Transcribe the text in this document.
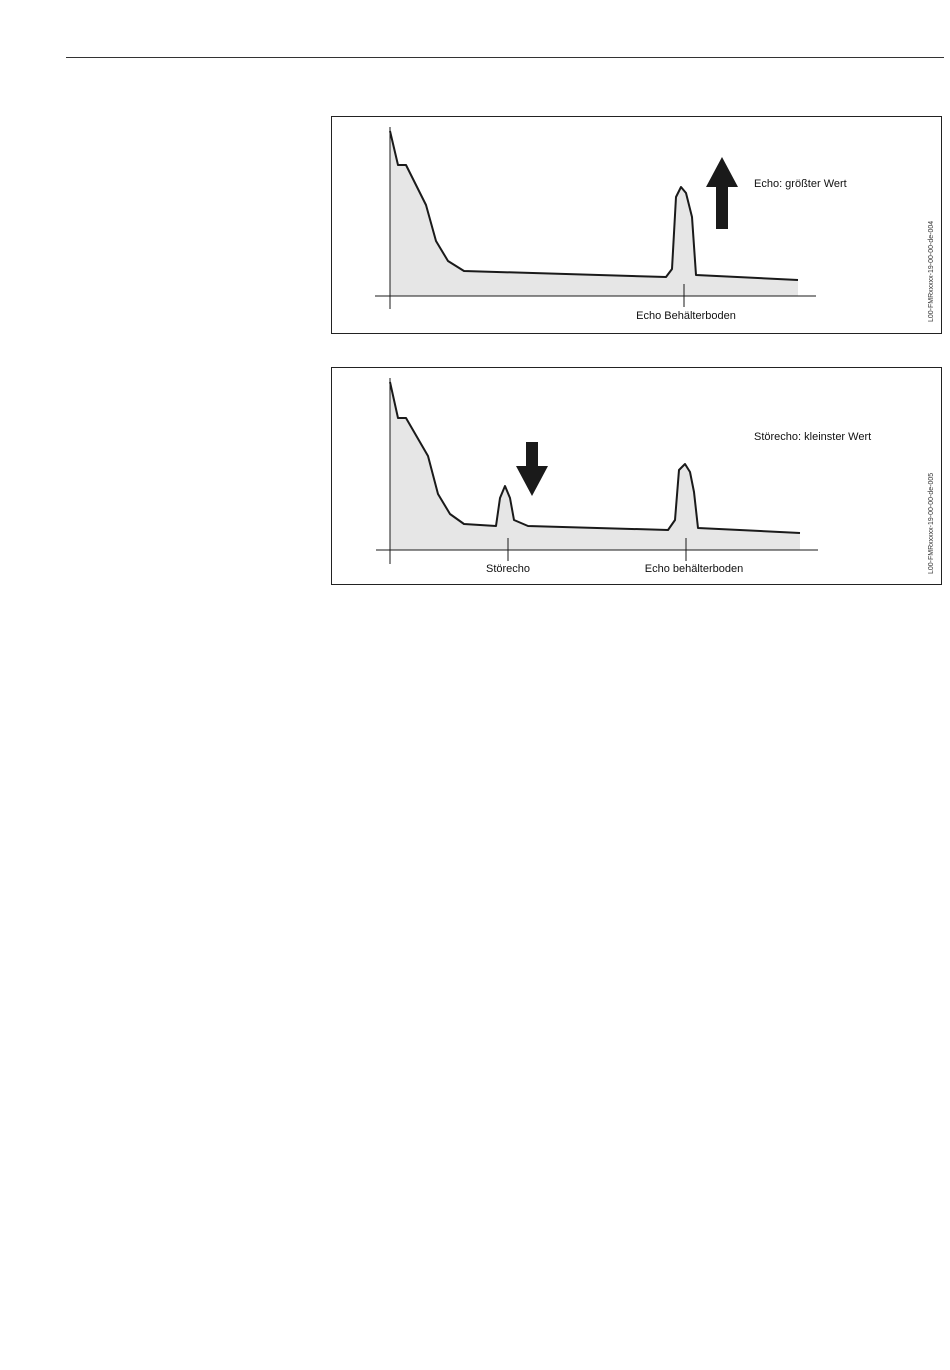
Echo: größter Wert
Echo Behälterboden	L00-FMRxxxxx-19-00-00-de-004
Störecho: kleinster Wert
Störecho	Echo behälterboden	L00-FMRxxxxx-19-00-00-de-005
